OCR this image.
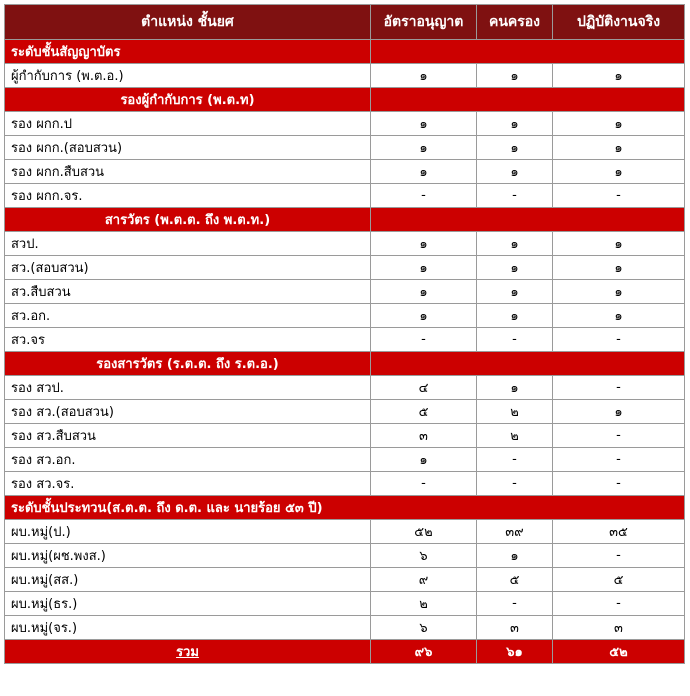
ตำแหน่ง ชั้นยศ	อัตราอนุญาต	คนครอง	ปฏิบัติงานจริง
ระดับชั้นสัญญาบัตร			
ผู้กำกับการ (พ.ต.อ.)	๑	๑	๑
รองผู้กำกับการ (พ.ต.ท)			
รอง ผกก.ป	๑	๑	๑
รอง ผกก.(สอบสวน)	๑	๑	๑
รอง ผกก.สืบสวน	๑	๑	๑
รอง ผกก.จร.	-	-	-
สารวัตร (พ.ต.ต. ถึง พ.ต.ท.)			
สวป.	๑	๑	๑
สว.(สอบสวน)	๑	๑	๑
สว.สืบสวน	๑	๑	๑
สว.อก.	๑	๑	๑
สว.จร	-	-	-
รองสารวัตร (ร.ต.ต. ถึง ร.ต.อ.)			
รอง สวป.	๔	๑	-
รอง สว.(สอบสวน)	๕	๒	๑
รอง สว.สืบสวน	๓	๒	-
รอง สว.อก.	๑	-	-
รอง สว.จร.	-	-	-
ระดับชั้นประทวน(ส.ต.ต. ถึง ด.ต. และ นายร้อย ๕๓ ปี)			
ผบ.หมู่(ป.)	๕๒	๓๙	๓๕
ผบ.หมู่(ผช.พงส.)	๖	๑	-
ผบ.หมู่(สส.)	๙	๕	๕
ผบ.หมู่(ธร.)	๒	-	-
ผบ.หมู่(จร.)	๖	๓	๓
รวม	๙๖	๖๑	๕๒
